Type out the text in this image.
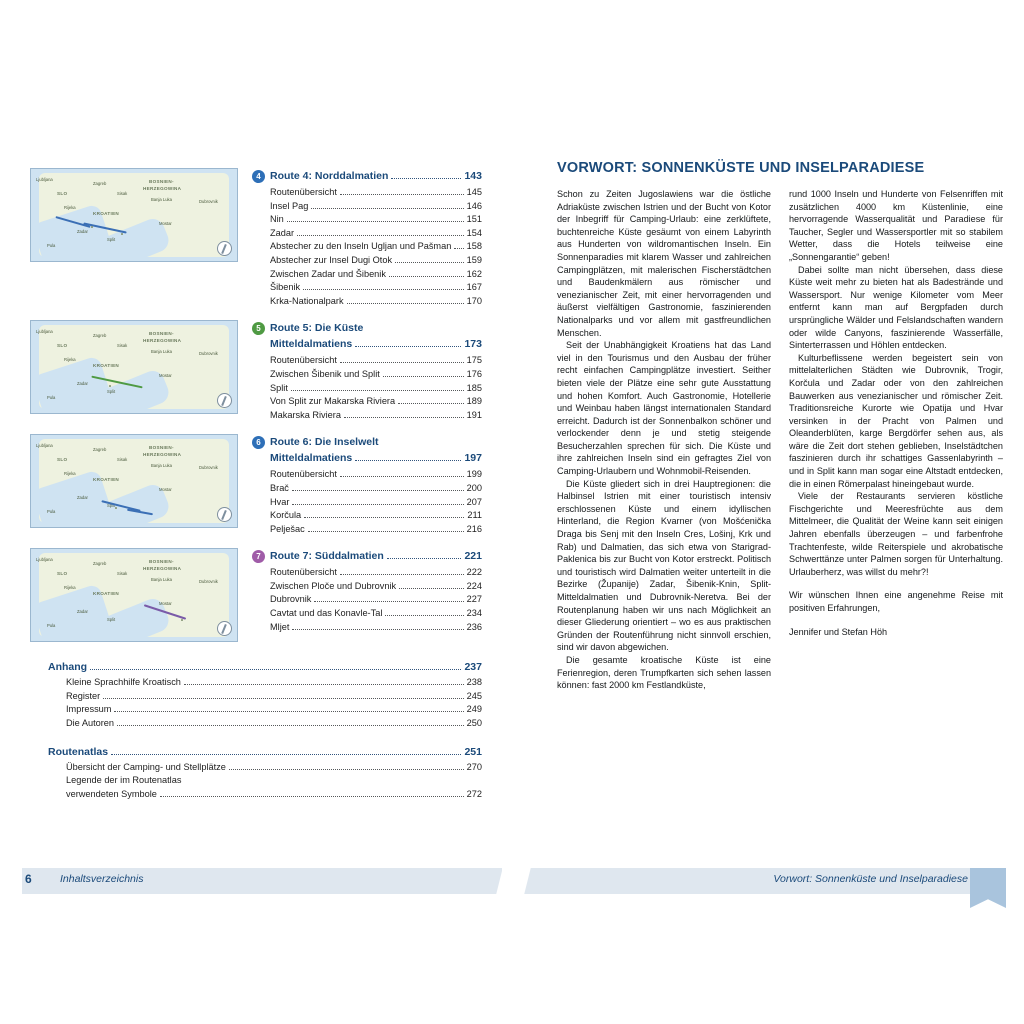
BOSNIEN-
HERZEGOWINA
KROATIEN
SLO
Ljubljana
Zagreb
Rijeka
Sisak
Banja Luka	Dubrovnik
Mostar
Zadar
Split
Pula
4 Route 4: Norddalmatien	143
Routenübersicht	145
Insel Pag	146
Nin	151
Zadar	154
Abstecher zu den Inseln Ugljan und Pašman 158
Abstecher zur Insel Dugi Otok	159
Zwischen Zadar und Šibenik	162
Šibenik	167
Krka-Nationalpark	170
BOSNIEN-
HERZEGOWINA
KROATIEN
SLO
Ljubljana
Zagreb
Rijeka
Sisak
Banja Luka	Dubrovnik
Mostar
Zadar
Split
Pula
5 Route 5: Die Küste
Mitteldalmatiens	173
Routenübersicht	175
Zwischen Šibenik und Split	176
Split	185
Von Split zur Makarska Riviera	189
Makarska Riviera	191
BOSNIEN-
HERZEGOWINA
KROATIEN
SLO
Ljubljana
Zagreb
Rijeka
Sisak
Banja Luka	Dubrovnik
Mostar
Zadar
Split
Pula
6 Route 6: Die Inselwelt
Mitteldalmatiens	197
Routenübersicht	199
Brač	200
Hvar	207
Korčula	211
Pelješac	216
BOSNIEN-
HERZEGOWINA
KROATIEN
SLO
Ljubljana
Zagreb
Rijeka
Sisak
Banja Luka	Dubrovnik
Mostar
Zadar
Split
Pula
7 Route 7: Süddalmatien	221
Routenübersicht	222
Zwischen Ploče und Dubrovnik	224
Dubrovnik	227
Cavtat und das Konavle-Tal	234
Mljet	236
Anhang	237
Kleine Sprachhilfe Kroatisch	238
Register	245
Impressum	249
Die Autoren	250
Routenatlas	251
Übersicht der Camping- und Stellplätze	270
Legende der im Routenatlas
verwendeten Symbole	272
VORWORT: SONNENKÜSTE UND INSELPARADIESE

Schon zu Zeiten Jugoslawiens war die östliche Adriaküste zwischen Istrien und der Bucht von Kotor der Inbegriff für Camping-Urlaub: eine zerklüftete, buchtenreiche Küste gesäumt von einem Labyrinth aus Hunderten von wildromantischen Inseln. Ein Sonnenparadies mit klarem Wasser und zahlreichen Campingplätzen, mit malerischen Fischerstädtchen und Baudenkmälern aus römischer und venezianischer Zeit, mit einer hervorragenden und äußerst vielfältigen Gastronomie, faszinierenden Nationalparks und vor allem mit gastfreundlichen Menschen.

Seit der Unabhängigkeit Kroatiens hat das Land viel in den Tourismus und den Ausbau der früher recht einfachen Campingplätze investiert. Seither bieten viele der Plätze eine sehr gute Ausstattung und hohen Komfort. Auch Gastronomie, Hotellerie und Weinbau haben längst internationalen Standard erreicht. Dadurch ist der Sonnenbalkon schöner und verlockender denn je und stetig steigende Besucherzahlen sprechen für sich. Die Küste und ihre zahlreichen Inseln sind ein gefragtes Ziel von Camping-Urlaubern und Wohnmobil-Reisenden.

Die Küste gliedert sich in drei Hauptregionen: die Halbinsel Istrien mit einer touristisch intensiv erschlossenen Küste und einem idyllischen Hinterland, die Region Kvarner (von Mošćenička Draga bis Senj mit den Inseln Cres, Lošinj, Krk und Rab) und Dalmatien, das sich etwa von Starigrad-Paklenica bis zur Bucht von Kotor erstreckt. Politisch und touristisch wird Dalmatien weiter unterteilt in die Bezirke (Županije) Zadar, Šibenik-Knin, Split-Mitteldalmatien und Dubrovnik-Neretva. Bei der Routenplanung haben wir uns nach Möglichkeit an dieser Gliederung orientiert – wo es aus praktischen Gründen der Routenführung nicht sinnvoll erschien, sind wir davon abgewichen.

Die gesamte kroatische Küste ist eine Ferienregion, deren Trumpfkarten sich sehen lassen können: fast 2000 km Festlandküste,

rund 1000 Inseln und Hunderte von Felsenriffen mit zusätzlichen 4000 km Küstenlinie, eine hervorragende Wasserqualität und Paradiese für Taucher, Segler und Wassersportler mit so stabilem Wetter, dass die Hotels teilweise eine „Sonnengarantie“ geben!

Dabei sollte man nicht übersehen, dass diese Küste weit mehr zu bieten hat als Badestrände und Wassersport. Nur wenige Kilometer vom Meer entfernt kann man auf Bergpfaden durch ursprüngliche Wälder und Felslandschaften wandern oder wilde Canyons, faszinierende Wasserfälle, Sinterterrassen und Höhlen entdecken.

Kulturbeflissene werden begeistert sein von mittelalterlichen Städten wie Dubrovnik, Trogir, Korčula und Zadar oder von den zahlreichen Bauwerken aus venezianischer und römischer Zeit. Traditionsreiche Kurorte wie Opatija und Hvar versinken in der Pracht von Palmen und Oleanderblüten, karge Bergdörfer sehen aus, als wäre die Zeit dort stehen geblieben, Inselstädtchen faszinieren durch ihr schattiges Gassenlabyrinth – und in Split kann man sogar eine Altstadt entdecken, die in einen Römerpalast hineingebaut wurde.

Viele der Restaurants servieren köstliche Fischgerichte und Meeresfrüchte aus dem Mittelmeer, die Qualität der Weine kann seit einigen Jahren ebenfalls überzeugen – und farbenfrohe Trachtenfeste, wilde Reiterspiele und akrobatische Schwerttänze unter Palmen sorgen für Unterhaltung. Urlauberherz, was willst du mehr?!

Wir wünschen Ihnen eine angenehme Reise mit positiven Erfahrungen,

Jennifer und Stefan Höh

6	Inhaltsverzeichnis	Vorwort: Sonnenküste und Inselparadiese
